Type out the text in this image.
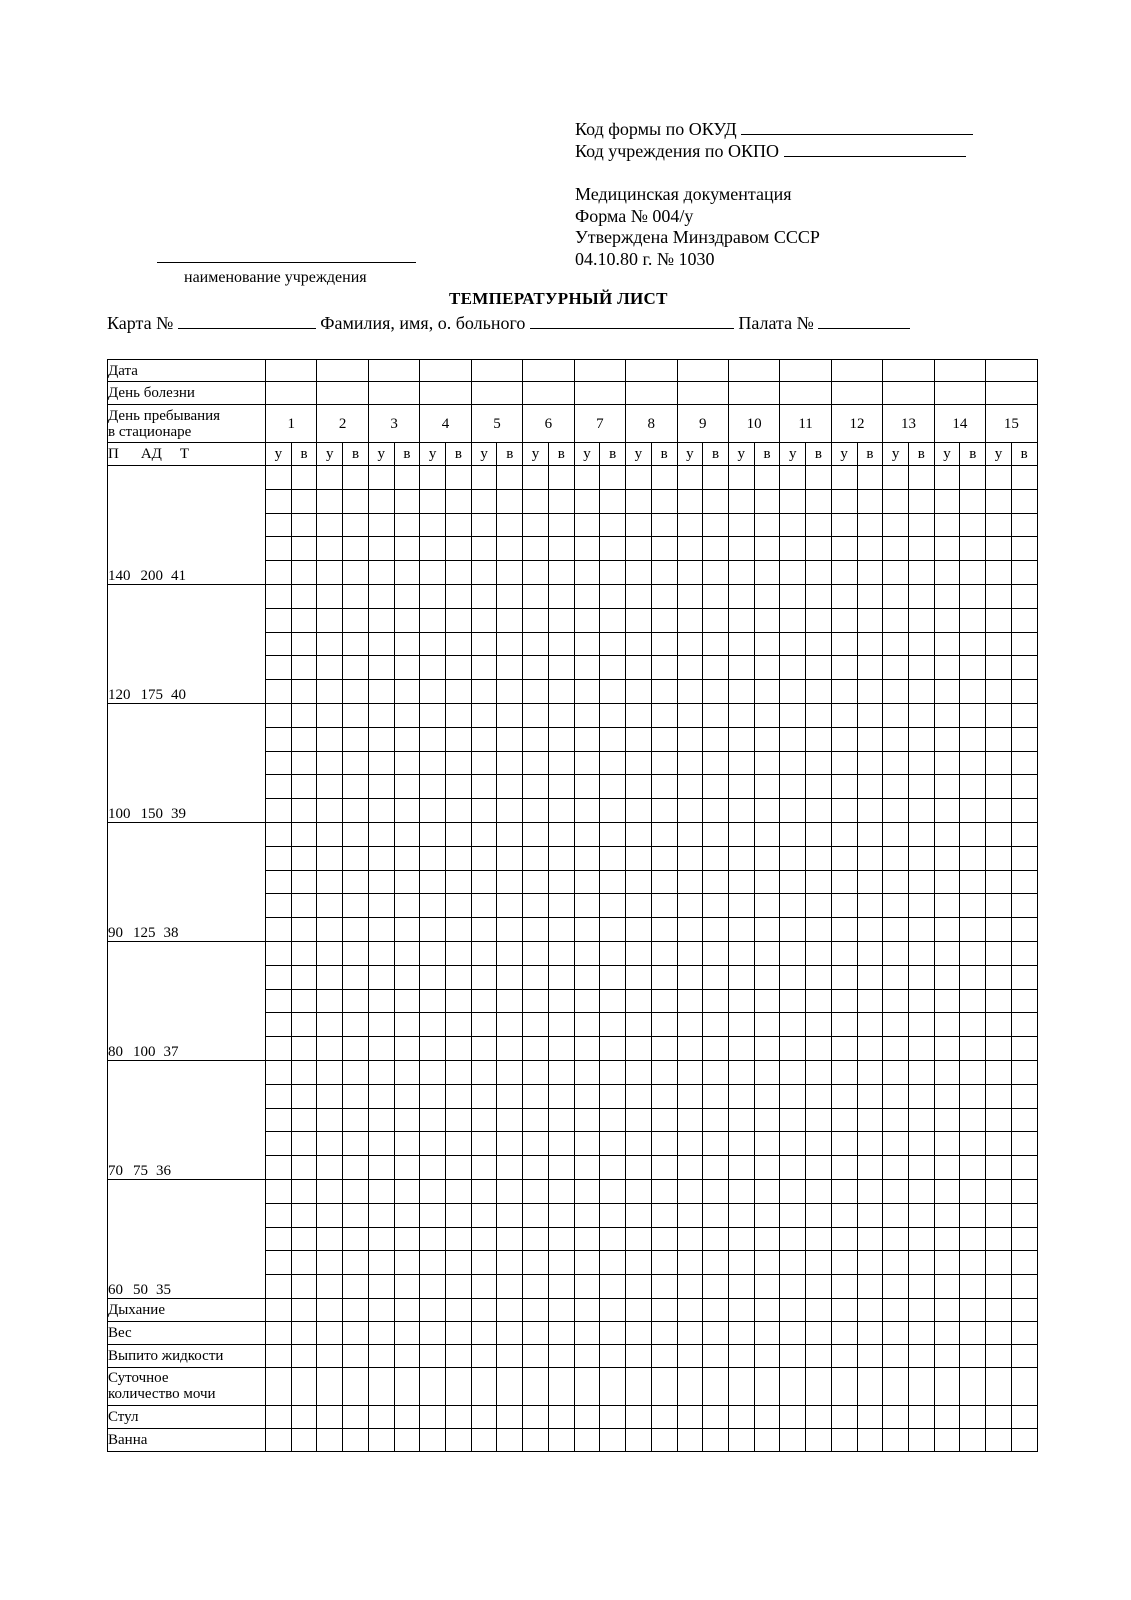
Код формы по ОКУД
Код учреждения по ОКПО
Медицинская документация
Форма № 004/у
Утверждена Минздравом СССР
04.10.80 г. № 1030
наименование учреждения
ТЕМПЕРАТУРНЫЙ ЛИСТ
Карта №	Фамилия, имя, о. больного	Палата №
Дата																														
День болезни																														
День пребывания
в стационаре	1		2		3		4		5		6		7		8		9		10		11		12		13		14		15	
П АД Т	у	в	у	в	у	в	у	в	у	в	у	в	у	в	у	в	у	в	у	в	у	в	у	в	у	в	у	в	у	в
140 200 41																														

120 175 40																														

100 150 39																														

90 125 38																														

80 100 37																														

70 75 36																														

60 50 35																														

Дыхание																														
Вес																														
Выпито жидкости																														
Суточное
количество мочи																														
Стул																														
Ванна																														
